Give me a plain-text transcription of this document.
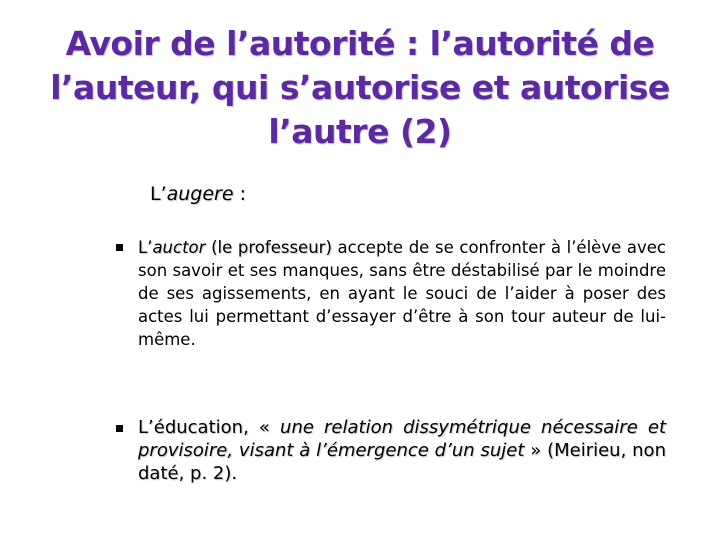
Avoir de l’autorité : l’autorité de l’auteur, qui s’autorise et autorise l’autre (2)
L’augere :
L’auctor (le professeur) accepte de se confronter à l’élève avec son savoir et ses manques, sans être déstabilisé par le moindre de ses agissements, en ayant le souci de l’aider à poser des actes lui permettant d’essayer d’être à son tour auteur de lui-même.
L’éducation, « une relation dissymétrique nécessaire et provisoire, visant à l’émergence d’un sujet » (Meirieu, non daté, p. 2).
